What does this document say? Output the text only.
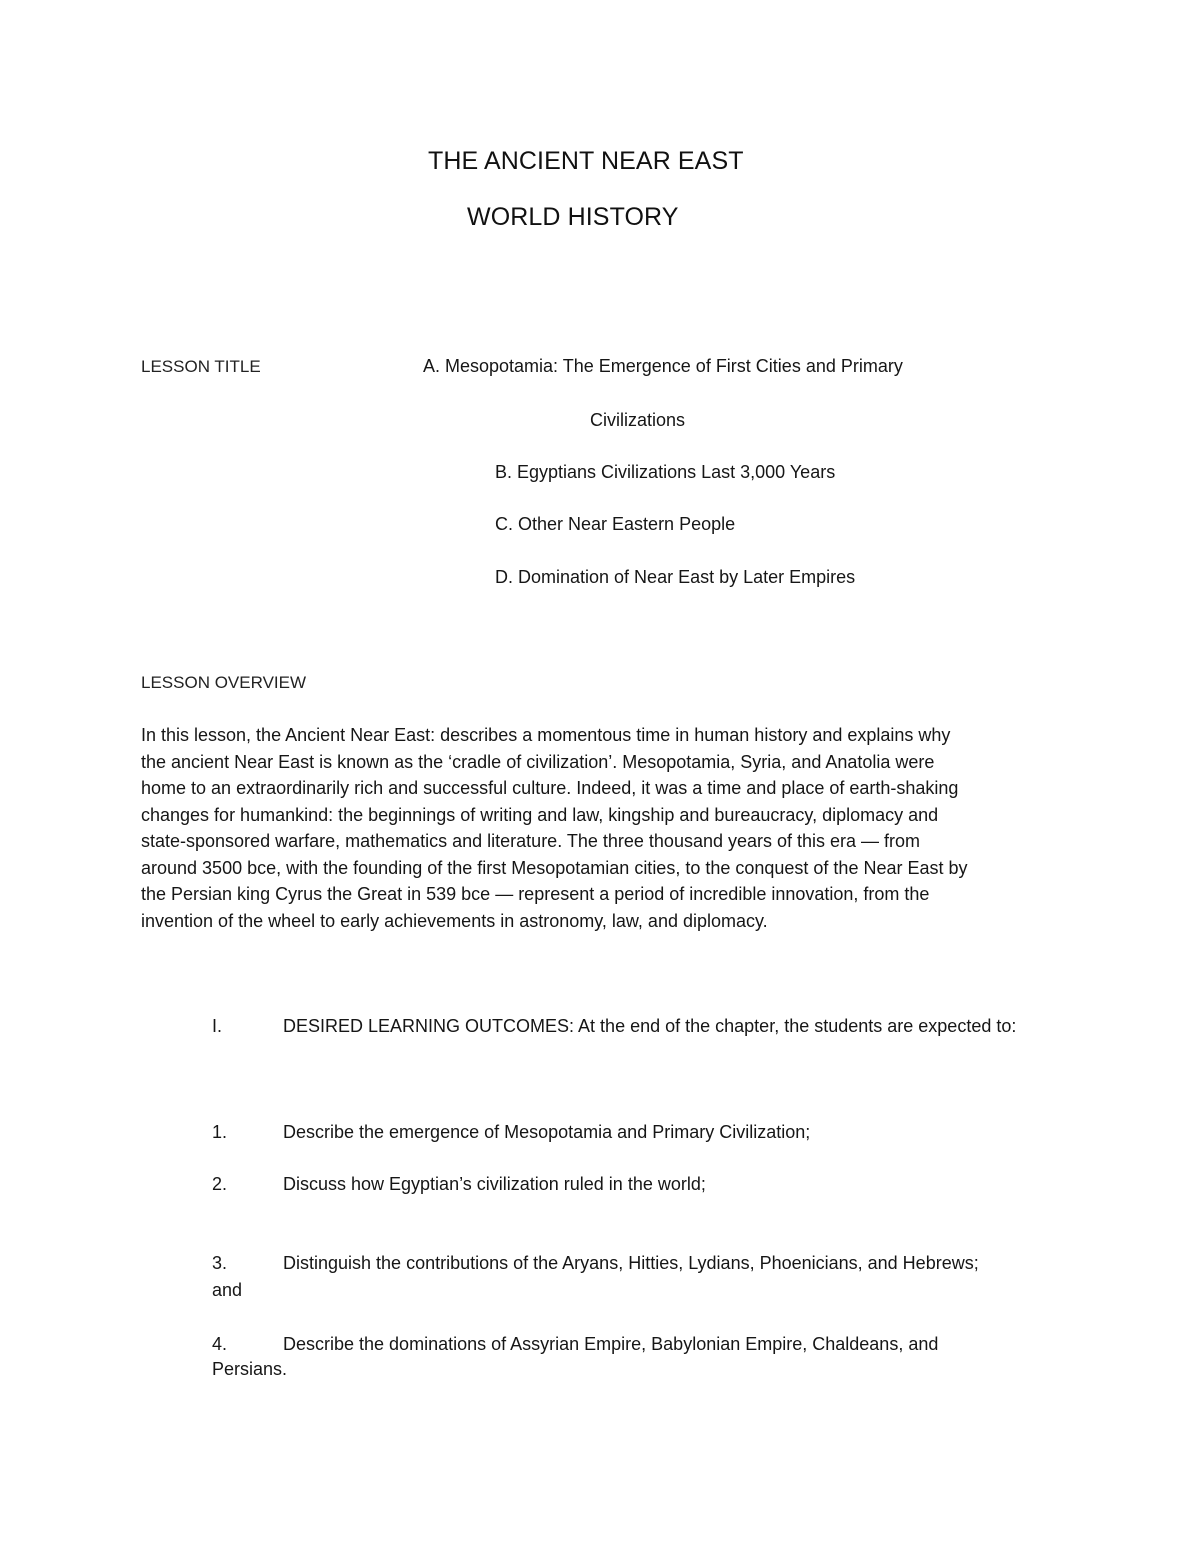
THE ANCIENT NEAR EAST
WORLD HISTORY
LESSON TITLE	A. Mesopotamia: The Emergence of First Cities and Primary
Civilizations
B. Egyptians Civilizations Last 3,000 Years
C. Other Near Eastern People
D. Domination of Near East by Later Empires
LESSON OVERVIEW
In this lesson, the Ancient Near East: describes a momentous time in human history and explains why
the ancient Near East is known as the ‘cradle of civilization’. Mesopotamia, Syria, and Anatolia were
home to an extraordinarily rich and successful culture. Indeed, it was a time and place of earth-shaking
changes for humankind: the beginnings of writing and law, kingship and bureaucracy, diplomacy and
state-sponsored warfare, mathematics and literature. The three thousand years of this era — from
around 3500 bce, with the founding of the first Mesopotamian cities, to the conquest of the Near East by
the Persian king Cyrus the Great in 539 bce — represent a period of incredible innovation, from the
invention of the wheel to early achievements in astronomy, law, and diplomacy.
I.	DESIRED LEARNING OUTCOMES: At the end of the chapter, the students are expected to:
1.	Describe the emergence of Mesopotamia and Primary Civilization;
2.	Discuss how Egyptian’s civilization ruled in the world;
3.	Distinguish the contributions of the Aryans, Hitties, Lydians, Phoenicians, and Hebrews;
and
4.	Describe the dominations of Assyrian Empire, Babylonian Empire, Chaldeans, and
Persians.
